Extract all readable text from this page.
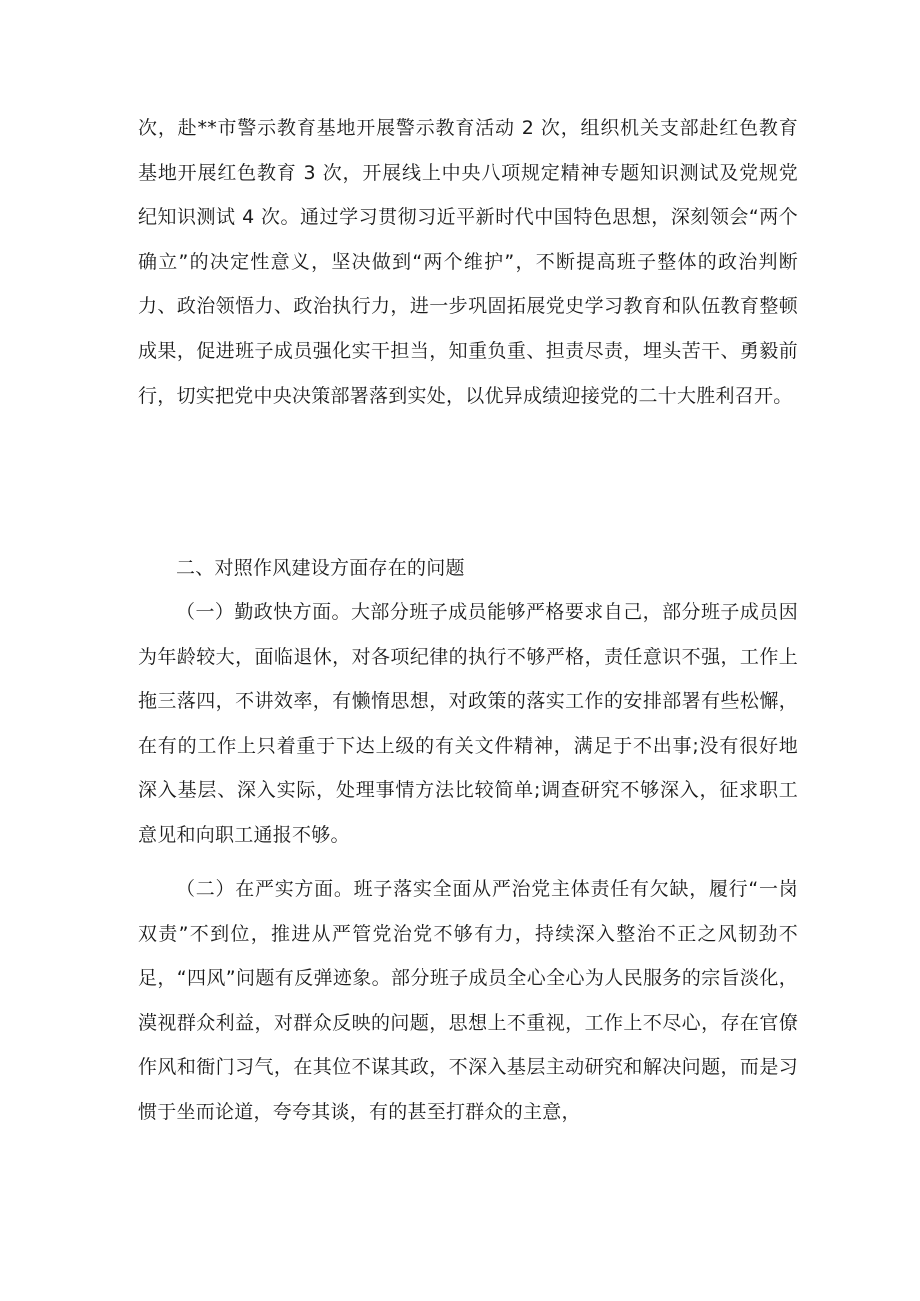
次，赴**市警示教育基地开展警示教育活动 2 次，组织机关支部赴红色教育基地开展红色教育 3 次，开展线上中央八项规定精神专题知识测试及党规党纪知识测试 4 次。通过学习贯彻习近平新时代中国特色思想，深刻领会“两个确立”的决定性意义，坚决做到“两个维护”，不断提高班子整体的政治判断力、政治领悟力、政治执行力，进一步巩固拓展党史学习教育和队伍教育整顿成果，促进班子成员强化实干担当，知重负重、担责尽责，埋头苦干、勇毅前行，切实把党中央决策部署落到实处，以优异成绩迎接党的二十大胜利召开。

二、对照作风建设方面存在的问题

（一）勤政快方面。大部分班子成员能够严格要求自己，部分班子成员因为年龄较大，面临退休，对各项纪律的执行不够严格，责任意识不强，工作上拖三落四，不讲效率，有懒惰思想，对政策的落实工作的安排部署有些松懈，在有的工作上只着重于下达上级的有关文件精神，满足于不出事;没有很好地深入基层、深入实际，处理事情方法比较简单;调查研究不够深入，征求职工意见和向职工通报不够。

（二）在严实方面。班子落实全面从严治党主体责任有欠缺，履行“一岗双责”不到位，推进从严管党治党不够有力，持续深入整治不正之风韧劲不足，“四风”问题有反弹迹象。部分班子成员全心全心为人民服务的宗旨淡化，漠视群众利益，对群众反映的问题，思想上不重视，工作上不尽心，存在官僚作风和衙门习气，在其位不谋其政，不深入基层主动研究和解决问题，而是习惯于坐而论道，夸夸其谈，有的甚至打群众的主意，
